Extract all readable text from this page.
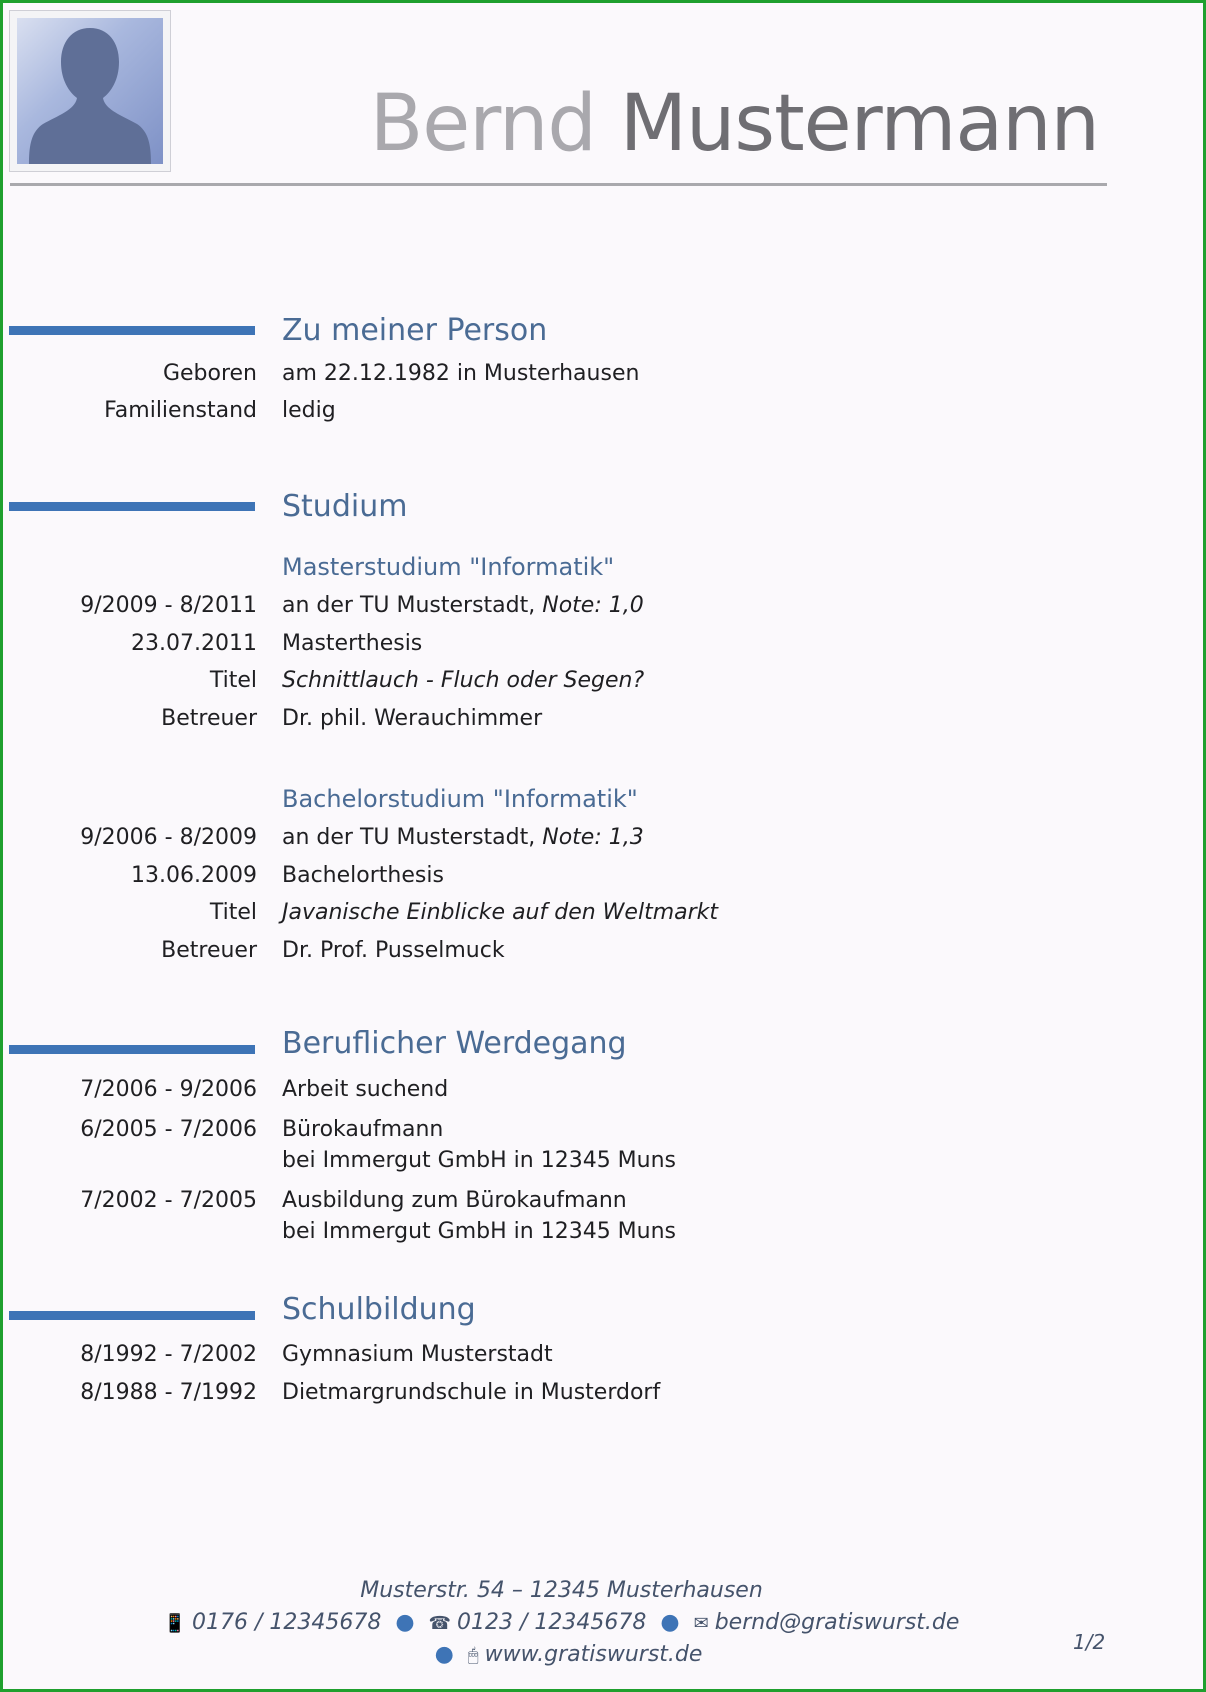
Bernd Mustermann
Zu meiner Person
Geboren am 22.12.1982 in Musterhausen
Familienstand ledig
Studium
Masterstudium "Informatik"
9/2009 - 8/2011 an der TU Musterstadt, Note: 1,0
23.07.2011 Masterthesis
Titel Schnittlauch - Fluch oder Segen?
Betreuer Dr. phil. Werauchimmer
Bachelorstudium "Informatik"
9/2006 - 8/2009 an der TU Musterstadt, Note: 1,3
13.06.2009 Bachelorthesis
Titel Javanische Einblicke auf den Weltmarkt
Betreuer Dr. Prof. Pusselmuck
Beruflicher Werdegang
7/2006 - 9/2006 Arbeit suchend
6/2005 - 7/2006 Bürokaufmann
bei Immergut GmbH in 12345 Muns
7/2002 - 7/2005 Ausbildung zum Bürokaufmann
bei Immergut GmbH in 12345 Muns
Schulbildung
8/1992 - 7/2002 Gymnasium Musterstadt
8/1988 - 7/1992 Dietmargrundschule in Musterdorf
Musterstr. 54 – 12345 Musterhausen
📱 0176 / 12345678 ● ☎ 0123 / 12345678 ● ✉ bernd@gratiswurst.de
● 🖱 www.gratiswurst.de	1/2
